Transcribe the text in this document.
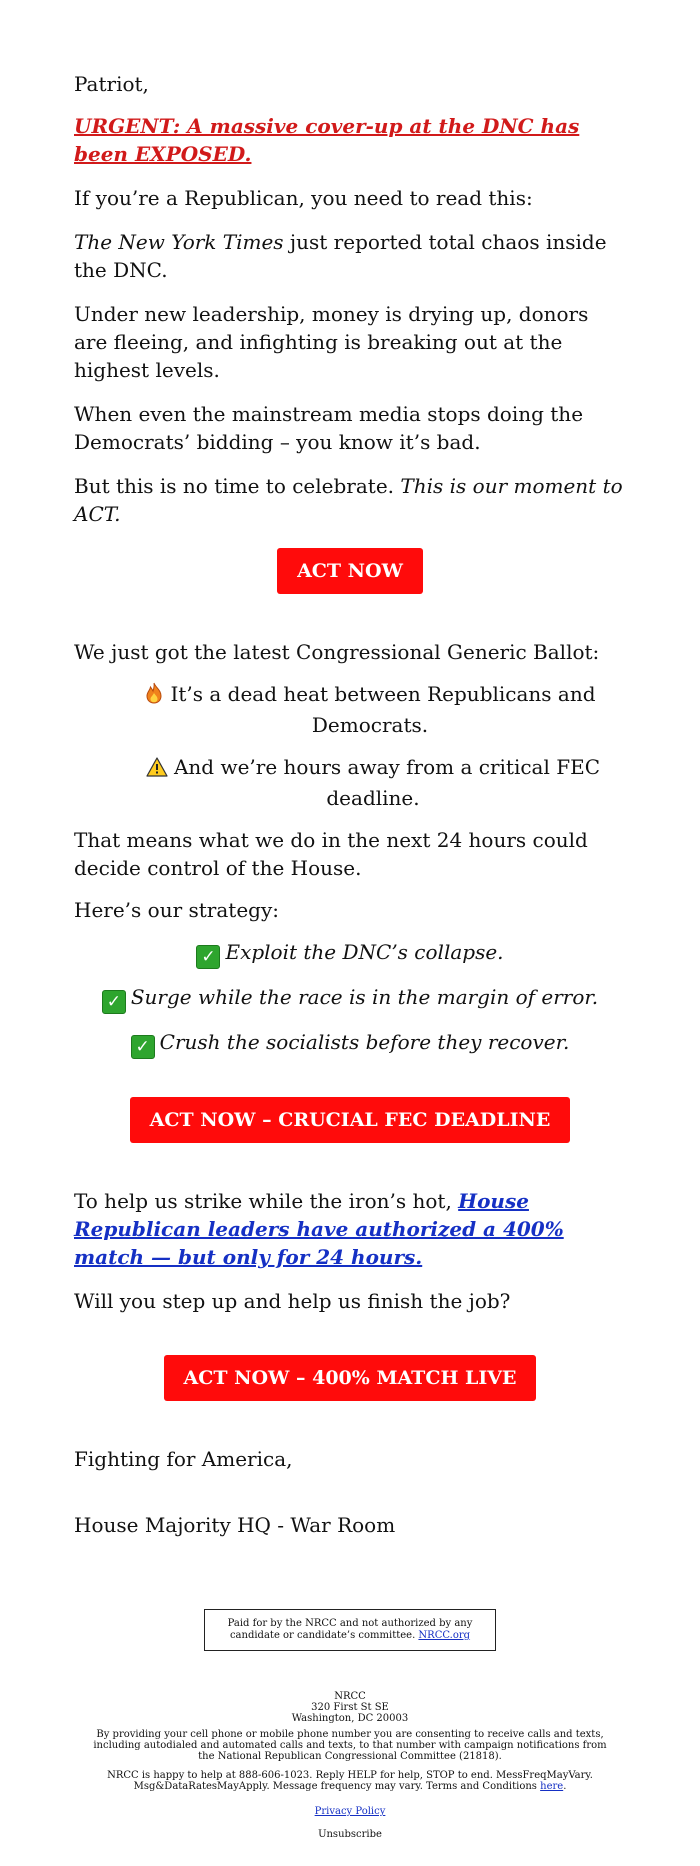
Patriot,

URGENT: A massive cover-up at the DNC has been EXPOSED.

If you’re a Republican, you need to read this:

The New York Times just reported total chaos inside the DNC.

Under new leadership, money is drying up, donors are fleeing, and infighting is breaking out at the highest levels.

When even the mainstream media stops doing the Democrats’ bidding – you know it’s bad.

But this is no time to celebrate. This is our moment to ACT.

ACT NOW

We just got the latest Congressional Generic Ballot:

It’s a dead heat between Republicans and Democrats.
And we’re hours away from a critical FEC deadline.

That means what we do in the next 24 hours could decide control of the House.

Here’s our strategy:

✓ Exploit the DNC’s collapse.
✓ Surge while the race is in the margin of error.
✓ Crush the socialists before they recover.
ACT NOW – CRUCIAL FEC DEADLINE

To help us strike while the iron’s hot, House Republican leaders have authorized a 400% match — but only for 24 hours.

Will you step up and help us finish the job?

ACT NOW – 400% MATCH LIVE

Fighting for America,

House Majority HQ - War Room

Paid for by the NRCC and not authorized by any candidate or candidate’s committee. NRCC.org
NRCC
320 First St SE
Washington, DC 20003
By providing your cell phone or mobile phone number you are consenting to receive calls and texts, including autodialed and automated calls and texts, to that number with campaign notifications from the National Republican Congressional Committee (21818).
NRCC is happy to help at 888-606-1023. Reply HELP for help, STOP to end. MessFreqMayVary. Msg&DataRatesMayApply. Message frequency may vary. Terms and Conditions here.
Privacy Policy
Unsubscribe
